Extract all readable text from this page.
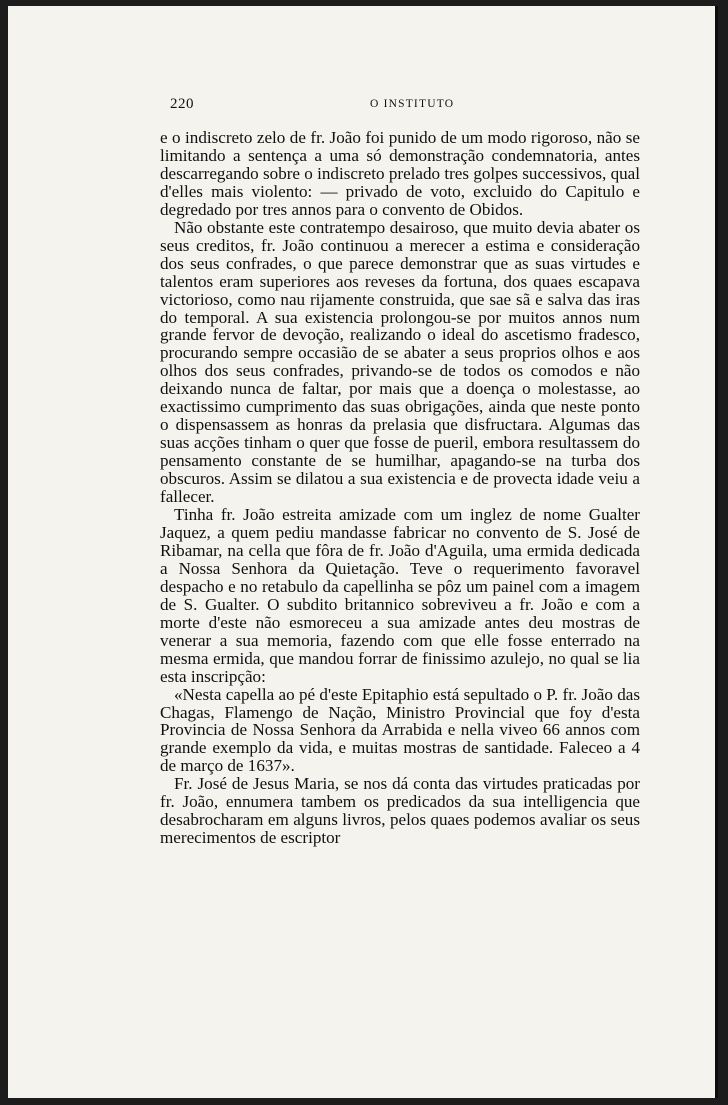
220	O INSTITUTO

e o indiscreto zelo de fr. João foi punido de um modo rigoroso, não se limitando a sentença a uma só demonstração condemnatoria, antes descarregando sobre o indiscreto prelado tres golpes successivos, qual d'elles mais violento: — privado de voto, excluido do Capitulo e degredado por tres annos para o convento de Obidos.

Não obstante este contratempo desairoso, que muito devia abater os seus creditos, fr. João continuou a merecer a estima e consideração dos seus confrades, o que parece demonstrar que as suas virtudes e talentos eram superiores aos reveses da fortuna, dos quaes escapava victorioso, como nau rijamente construida, que sae sã e salva das iras do temporal. A sua existencia prolongou-se por muitos annos num grande fervor de devoção, realizando o ideal do ascetismo fradesco, procurando sempre occasião de se abater a seus proprios olhos e aos olhos dos seus confrades, privando-se de todos os comodos e não deixando nunca de faltar, por mais que a doença o molestasse, ao exactissimo cumprimento das suas obrigações, ainda que neste ponto o dispensassem as honras da prelasia que disfructara. Algumas das suas acções tinham o quer que fosse de pueril, embora resultassem do pensamento constante de se humilhar, apagando-se na turba dos obscuros. Assim se dilatou a sua existencia e de provecta idade veiu a fallecer.

Tinha fr. João estreita amizade com um inglez de nome Gualter Jaquez, a quem pediu mandasse fabricar no convento de S. José de Ribamar, na cella que fôra de fr. João d'Aguila, uma ermida dedicada a Nossa Senhora da Quietação. Teve o requerimento favoravel despacho e no retabulo da capellinha se pôz um painel com a imagem de S. Gualter. O subdito britannico sobreviveu a fr. João e com a morte d'este não esmoreceu a sua amizade antes deu mostras de venerar a sua memoria, fazendo com que elle fosse enterrado na mesma ermida, que mandou forrar de finissimo azulejo, no qual se lia esta inscripção:

«Nesta capella ao pé d'este Epitaphio está sepultado o P. fr. João das Chagas, Flamengo de Nação, Ministro Provincial que foy d'esta Provincia de Nossa Senhora da Arrabida e nella viveo 66 annos com grande exemplo da vida, e muitas mostras de santidade. Faleceo a 4 de março de 1637».

Fr. José de Jesus Maria, se nos dá conta das virtudes praticadas por fr. João, ennumera tambem os predicados da sua intelligencia que desabrocharam em alguns livros, pelos quaes podemos avaliar os seus merecimentos de escriptor
